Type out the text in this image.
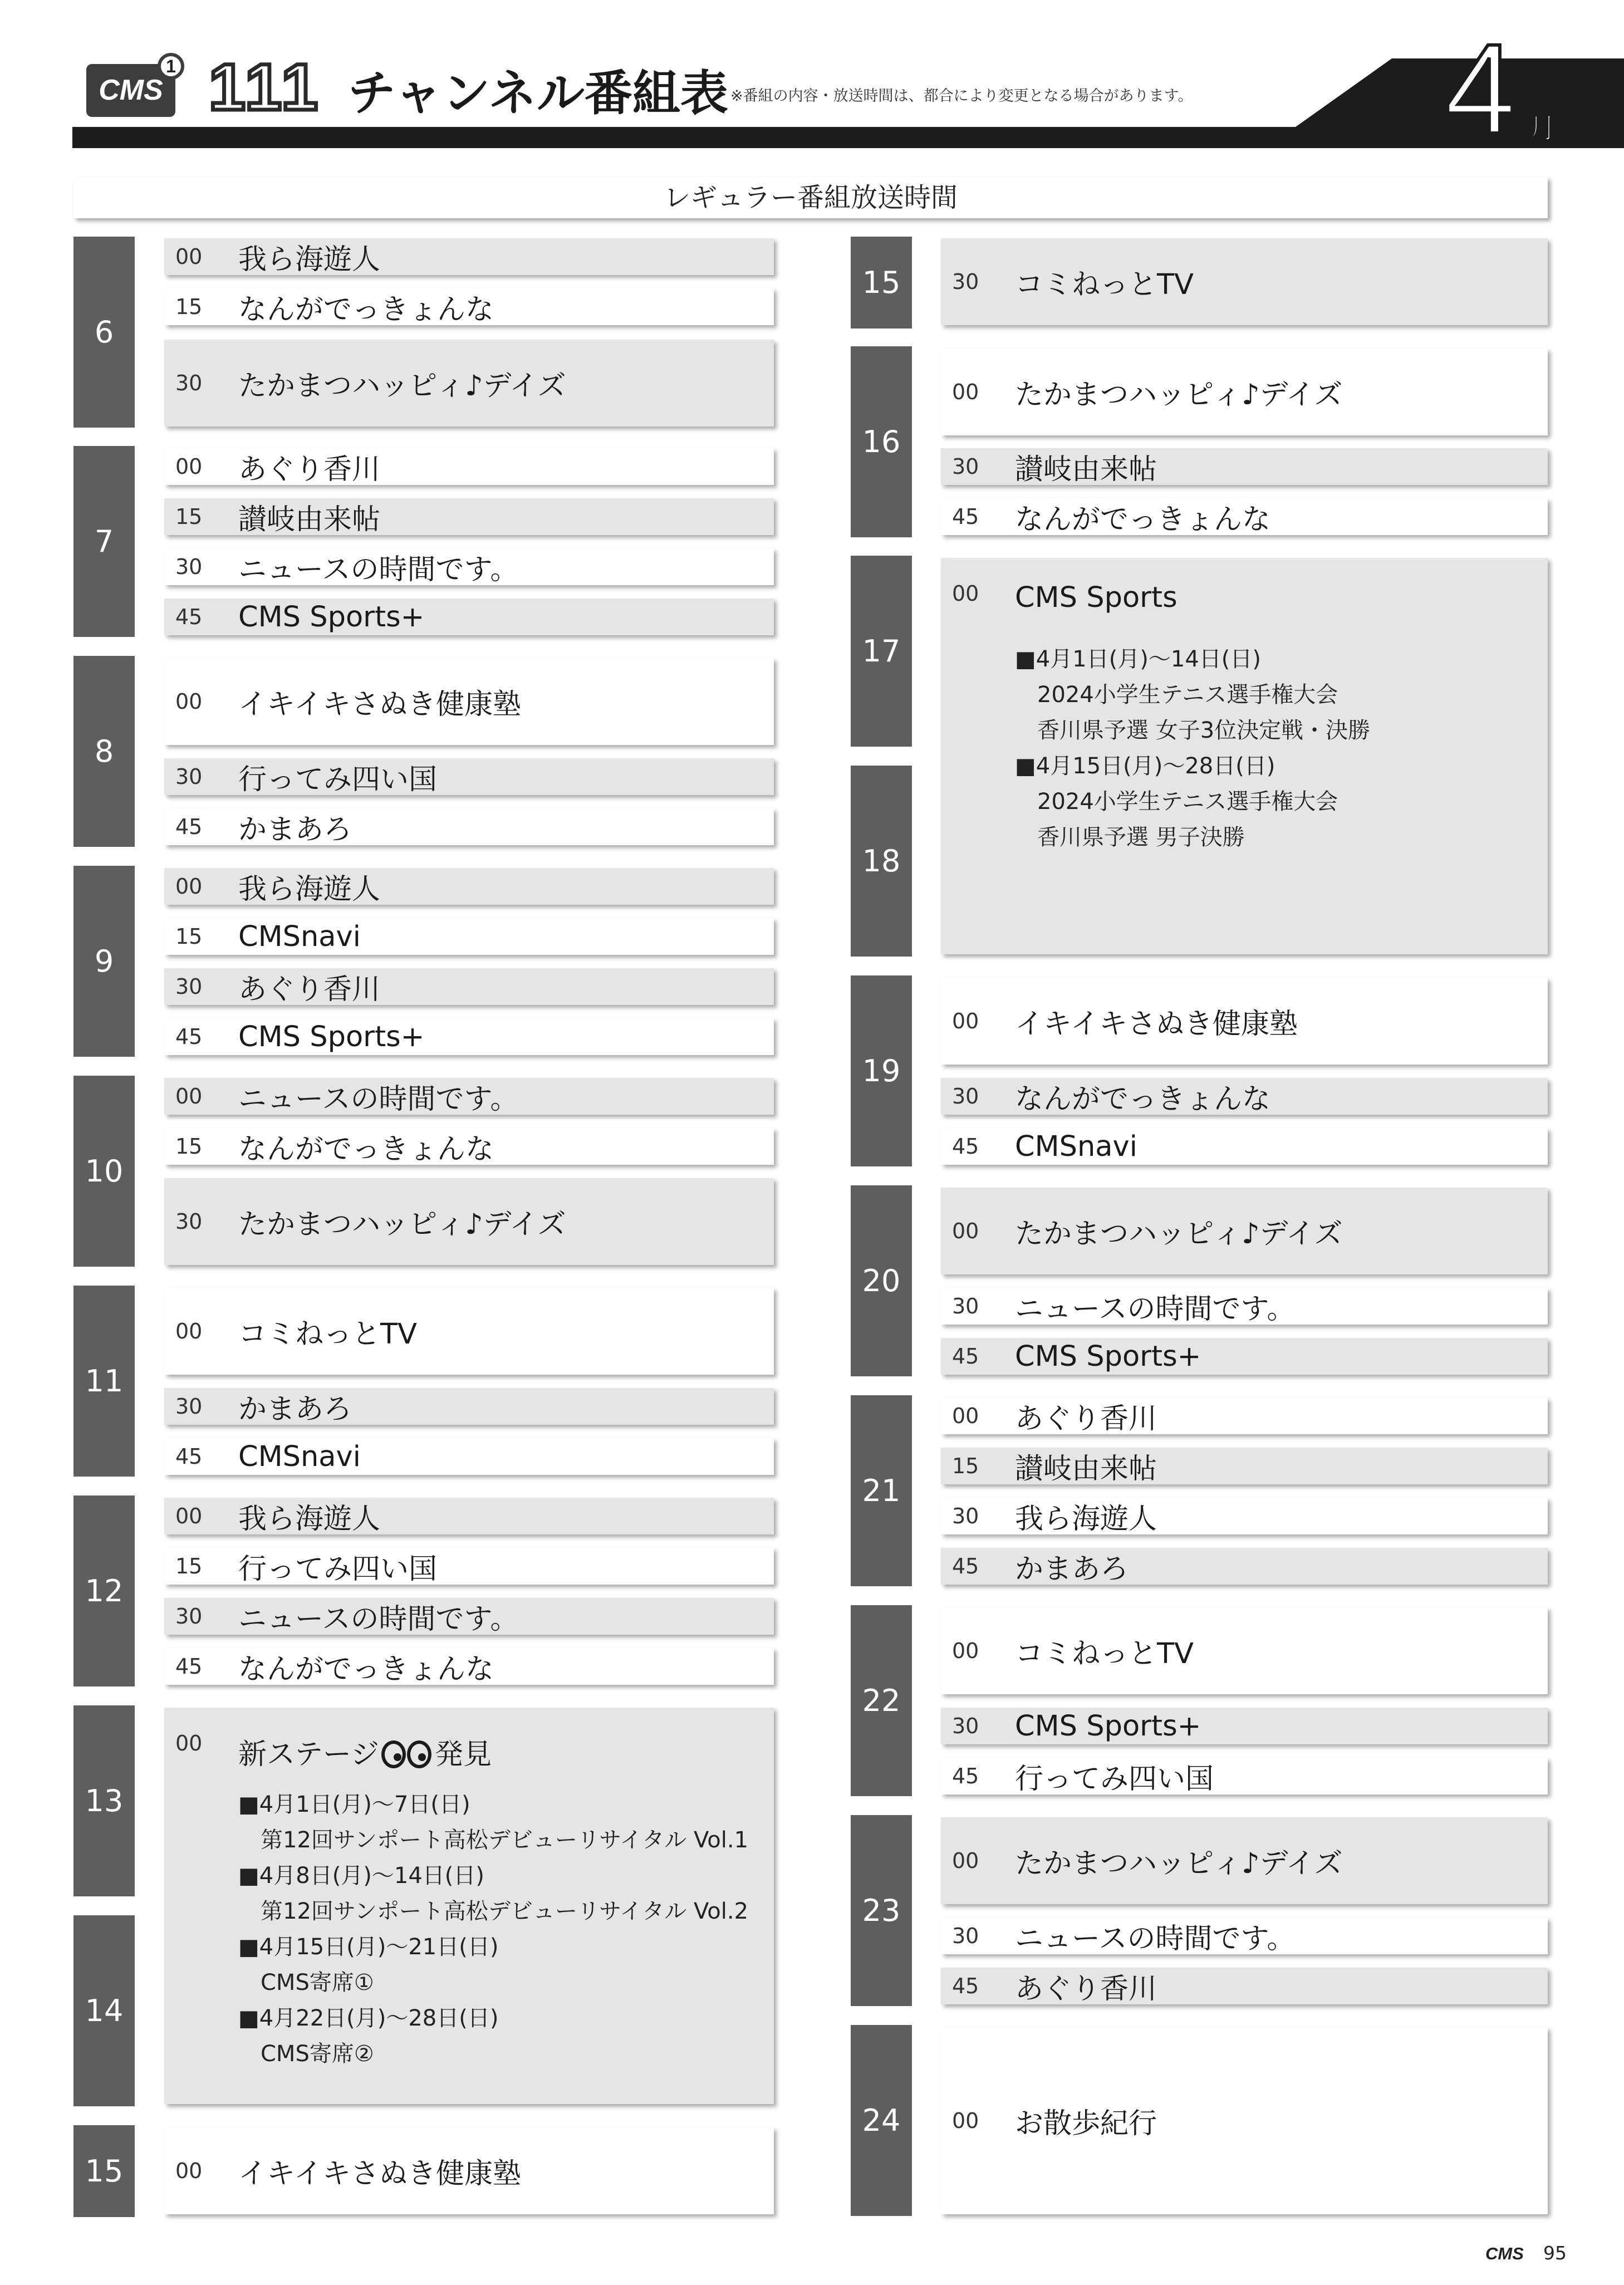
CMS
1 111 チャンネル番組表 ※番組の内容・放送時間は、都合により変更となる場合があります。 4 月
レギュラー番組放送時間
6
7
8
9
10
11
12
13
14
15
15
16
17
18
19
20
21
22
23
24
00 我ら海遊人
15 なんがでっきょんな
30 たかまつハッピィ♪デイズ
00 あぐり香川
15 讃岐由来帖
30 ニュースの時間です。
45 CMS Sports+
00 イキイキさぬき健康塾
30 行ってみ四い国
45 かまあろ
00 我ら海遊人
15 CMSnavi
30 あぐり香川
45 CMS Sports+
00 ニュースの時間です。
15 なんがでっきょんな
30 たかまつハッピィ♪デイズ
00 コミねっとTV
30 かまあろ
45 CMSnavi
00 我ら海遊人
15 行ってみ四い国
30 ニュースの時間です。
45 なんがでっきょんな
00 新ステージ 発見
■4月1日(月)～7日(日)
第12回サンポート高松デビューリサイタル Vol.1
■4月8日(月)～14日(日)
第12回サンポート高松デビューリサイタル Vol.2
■4月15日(月)～21日(日)
CMS寄席①
■4月22日(月)～28日(日)
CMS寄席②
00 イキイキさぬき健康塾
30 コミねっとTV
00 たかまつハッピィ♪デイズ
30 讃岐由来帖
45 なんがでっきょんな
00 CMS Sports
■4月1日(月)～14日(日)
2024小学生テニス選手権大会
香川県予選 女子3位決定戦・決勝
■4月15日(月)～28日(日)
2024小学生テニス選手権大会
香川県予選 男子決勝
00 イキイキさぬき健康塾
30 なんがでっきょんな
45 CMSnavi
00 たかまつハッピィ♪デイズ
30 ニュースの時間です。
45 CMS Sports+
00 あぐり香川
15 讃岐由来帖
30 我ら海遊人
45 かまあろ
00 コミねっとTV
30 CMS Sports+
45 行ってみ四い国
00 たかまつハッピィ♪デイズ
30 ニュースの時間です。
45 あぐり香川
00 お散歩紀行
CMS 95
